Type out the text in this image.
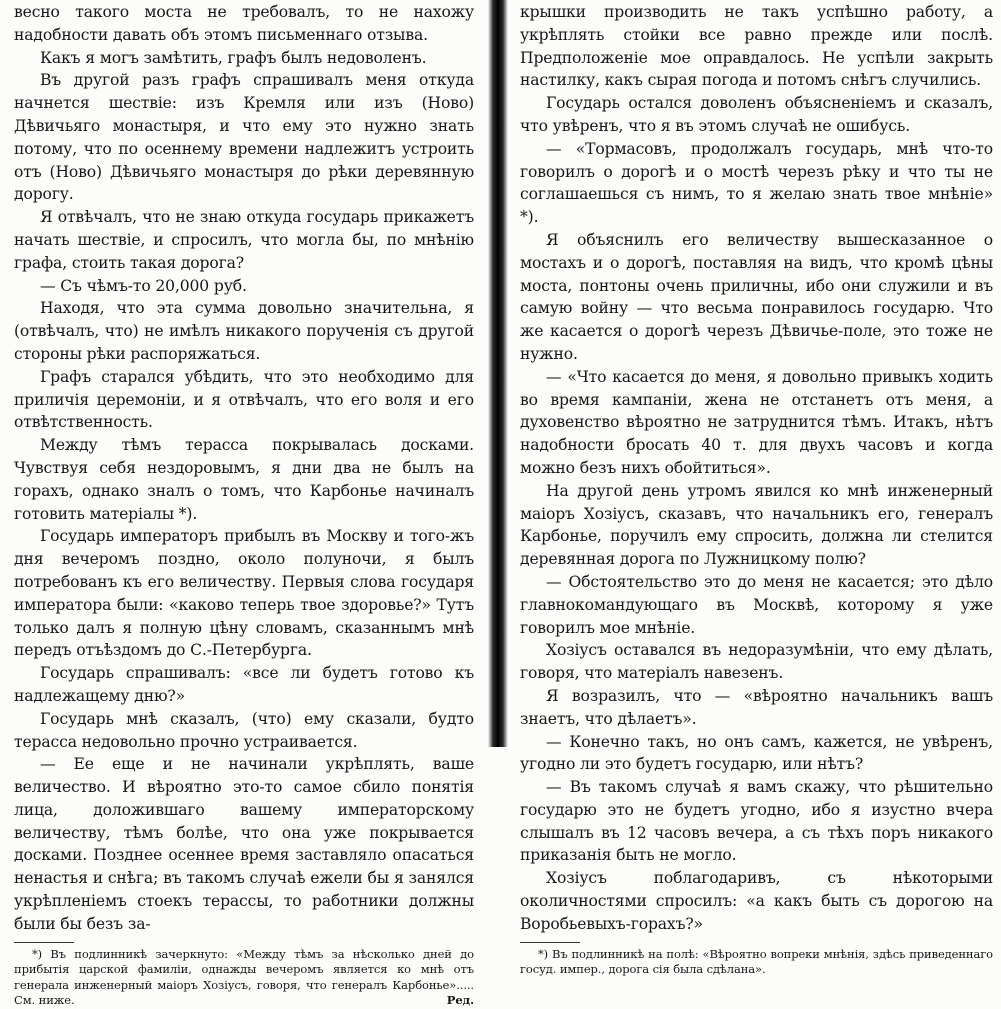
весно такого моста не требовалъ, то не нахожу надобности давать объ этомъ письменнаго отзыва.

Какъ я могъ замѣтить, графъ былъ недоволенъ.

Въ другой разъ графъ спрашивалъ меня откуда начнется шествіе: изъ Кремля или изъ (Ново) Дѣвичьяго монастыря, и что ему это нужно знать потому, что по осеннему времени надлежитъ устроить отъ (Ново) Дѣвичьяго монастыря до рѣки деревянную дорогу.

Я отвѣчалъ, что не знаю откуда государь прикажетъ начать шествіе, и спросилъ, что могла бы, по мнѣнію графа, стоить такая дорога?

— Съ чѣмъ-то 20,000 руб.

Находя, что эта сумма довольно значительна, я (отвѣчалъ, что) не имѣлъ никакого порученія съ другой стороны рѣки распоряжаться.

Графъ старался убѣдить, что это необходимо для приличія церемоніи, и я отвѣчалъ, что его воля и его отвѣтственность.

Между тѣмъ терасса покрывалась досками. Чувствуя себя нездоровымъ, я дни два не былъ на горахъ, однако зналъ о томъ, что Карбонье начиналъ готовить матеріалы *).

Государь императоръ прибылъ въ Москву и того-жъ дня вечеромъ поздно, около полуночи, я былъ потребованъ къ его величеству. Первыя слова государя императора были: «каково теперь твое здоровье?» Тутъ только далъ я полную цѣну словамъ, сказаннымъ мнѣ передъ отъѣздомъ до С.-Петербурга.

Государь спрашивалъ: «все ли будетъ готово къ надлежащему дню?»

Государь мнѣ сказалъ, (что) ему сказали, будто терасса недовольно прочно устраивается.

— Ее еще и не начинали укрѣплять, ваше величество. И вѣроятно это-то самое сбило понятія лица, доложившаго вашему императорскому величеству, тѣмъ болѣе, что она уже покрывается досками. Позднее осеннее время заставляло опасаться ненастья и снѣга; въ такомъ случаѣ ежели бы я занялся укрѣпленіемъ стоекъ терассы, то работники должны были бы безъ за-

*) Въ подлинникѣ зачеркнуто: «Между тѣмъ за нѣсколько дней до прибытія царской фамиліи, однажды вечеромъ является ко мнѣ отъ генерала инженерный маіоръ Хозіусъ, говоря, что генералъ Карбонье»..... См. ниже.	Ред.

крышки производить не такъ успѣшно работу, а укрѣплять стойки все равно прежде или послѣ. Предположеніе мое оправдалось. Не успѣли закрыть настилку, какъ сырая погода и потомъ снѣгъ случились.

Государь остался доволенъ объясненіемъ и сказалъ, что увѣренъ, что я въ этомъ случаѣ не ошибусь.

— «Тормасовъ, продолжалъ государь, мнѣ что-то говорилъ о дорогѣ и о мостѣ черезъ рѣку и что ты не соглашаешься съ нимъ, то я желаю знать твое мнѣніе» *).

Я объяснилъ его величеству вышесказанное о мостахъ и о дорогѣ, поставляя на видъ, что кромѣ цѣны моста, понтоны очень приличны, ибо они служили и въ самую войну — что весьма понравилось государю. Что же касается о дорогѣ черезъ Дѣвичье-поле, это тоже не нужно.

— «Что касается до меня, я довольно привыкъ ходить во время кампаніи, жена не отстанетъ отъ меня, а духовенство вѣроятно не затруднится тѣмъ. Итакъ, нѣтъ надобности бросать 40 т. для двухъ часовъ и когда можно безъ нихъ обойтиться».

На другой день утромъ явился ко мнѣ инженерный маіоръ Хозіусъ, сказавъ, что начальникъ его, генералъ Карбонье, поручилъ ему спросить, должна ли стелится деревянная дорога по Лужницкому полю?

— Обстоятельство это до меня не касается; это дѣло главнокомандующаго въ Москвѣ, которому я уже говорилъ мое мнѣніе.

Хозіусъ оставался въ недоразумѣніи, что ему дѣлать, говоря, что матеріалъ навезенъ.

Я возразилъ, что — «вѣроятно начальникъ вашъ знаетъ, что дѣлаетъ».

— Конечно такъ, но онъ самъ, кажется, не увѣренъ, угодно ли это будетъ государю, или нѣтъ?

— Въ такомъ случаѣ я вамъ скажу, что рѣшительно государю это не будетъ угодно, ибо я изустно вчера слышалъ въ 12 часовъ вечера, а съ тѣхъ поръ никакого приказанія быть не могло.

Хозіусъ поблагодаривъ, съ нѣкоторыми околичностями спросилъ: «а какъ быть съ дорогою на Воробьевыхъ-горахъ?»

*) Въ подлинникѣ на полѣ: «Вѣроятно вопреки мнѣнія, здѣсь приведеннаго госуд. импер., дорога сія была сдѣлана».
